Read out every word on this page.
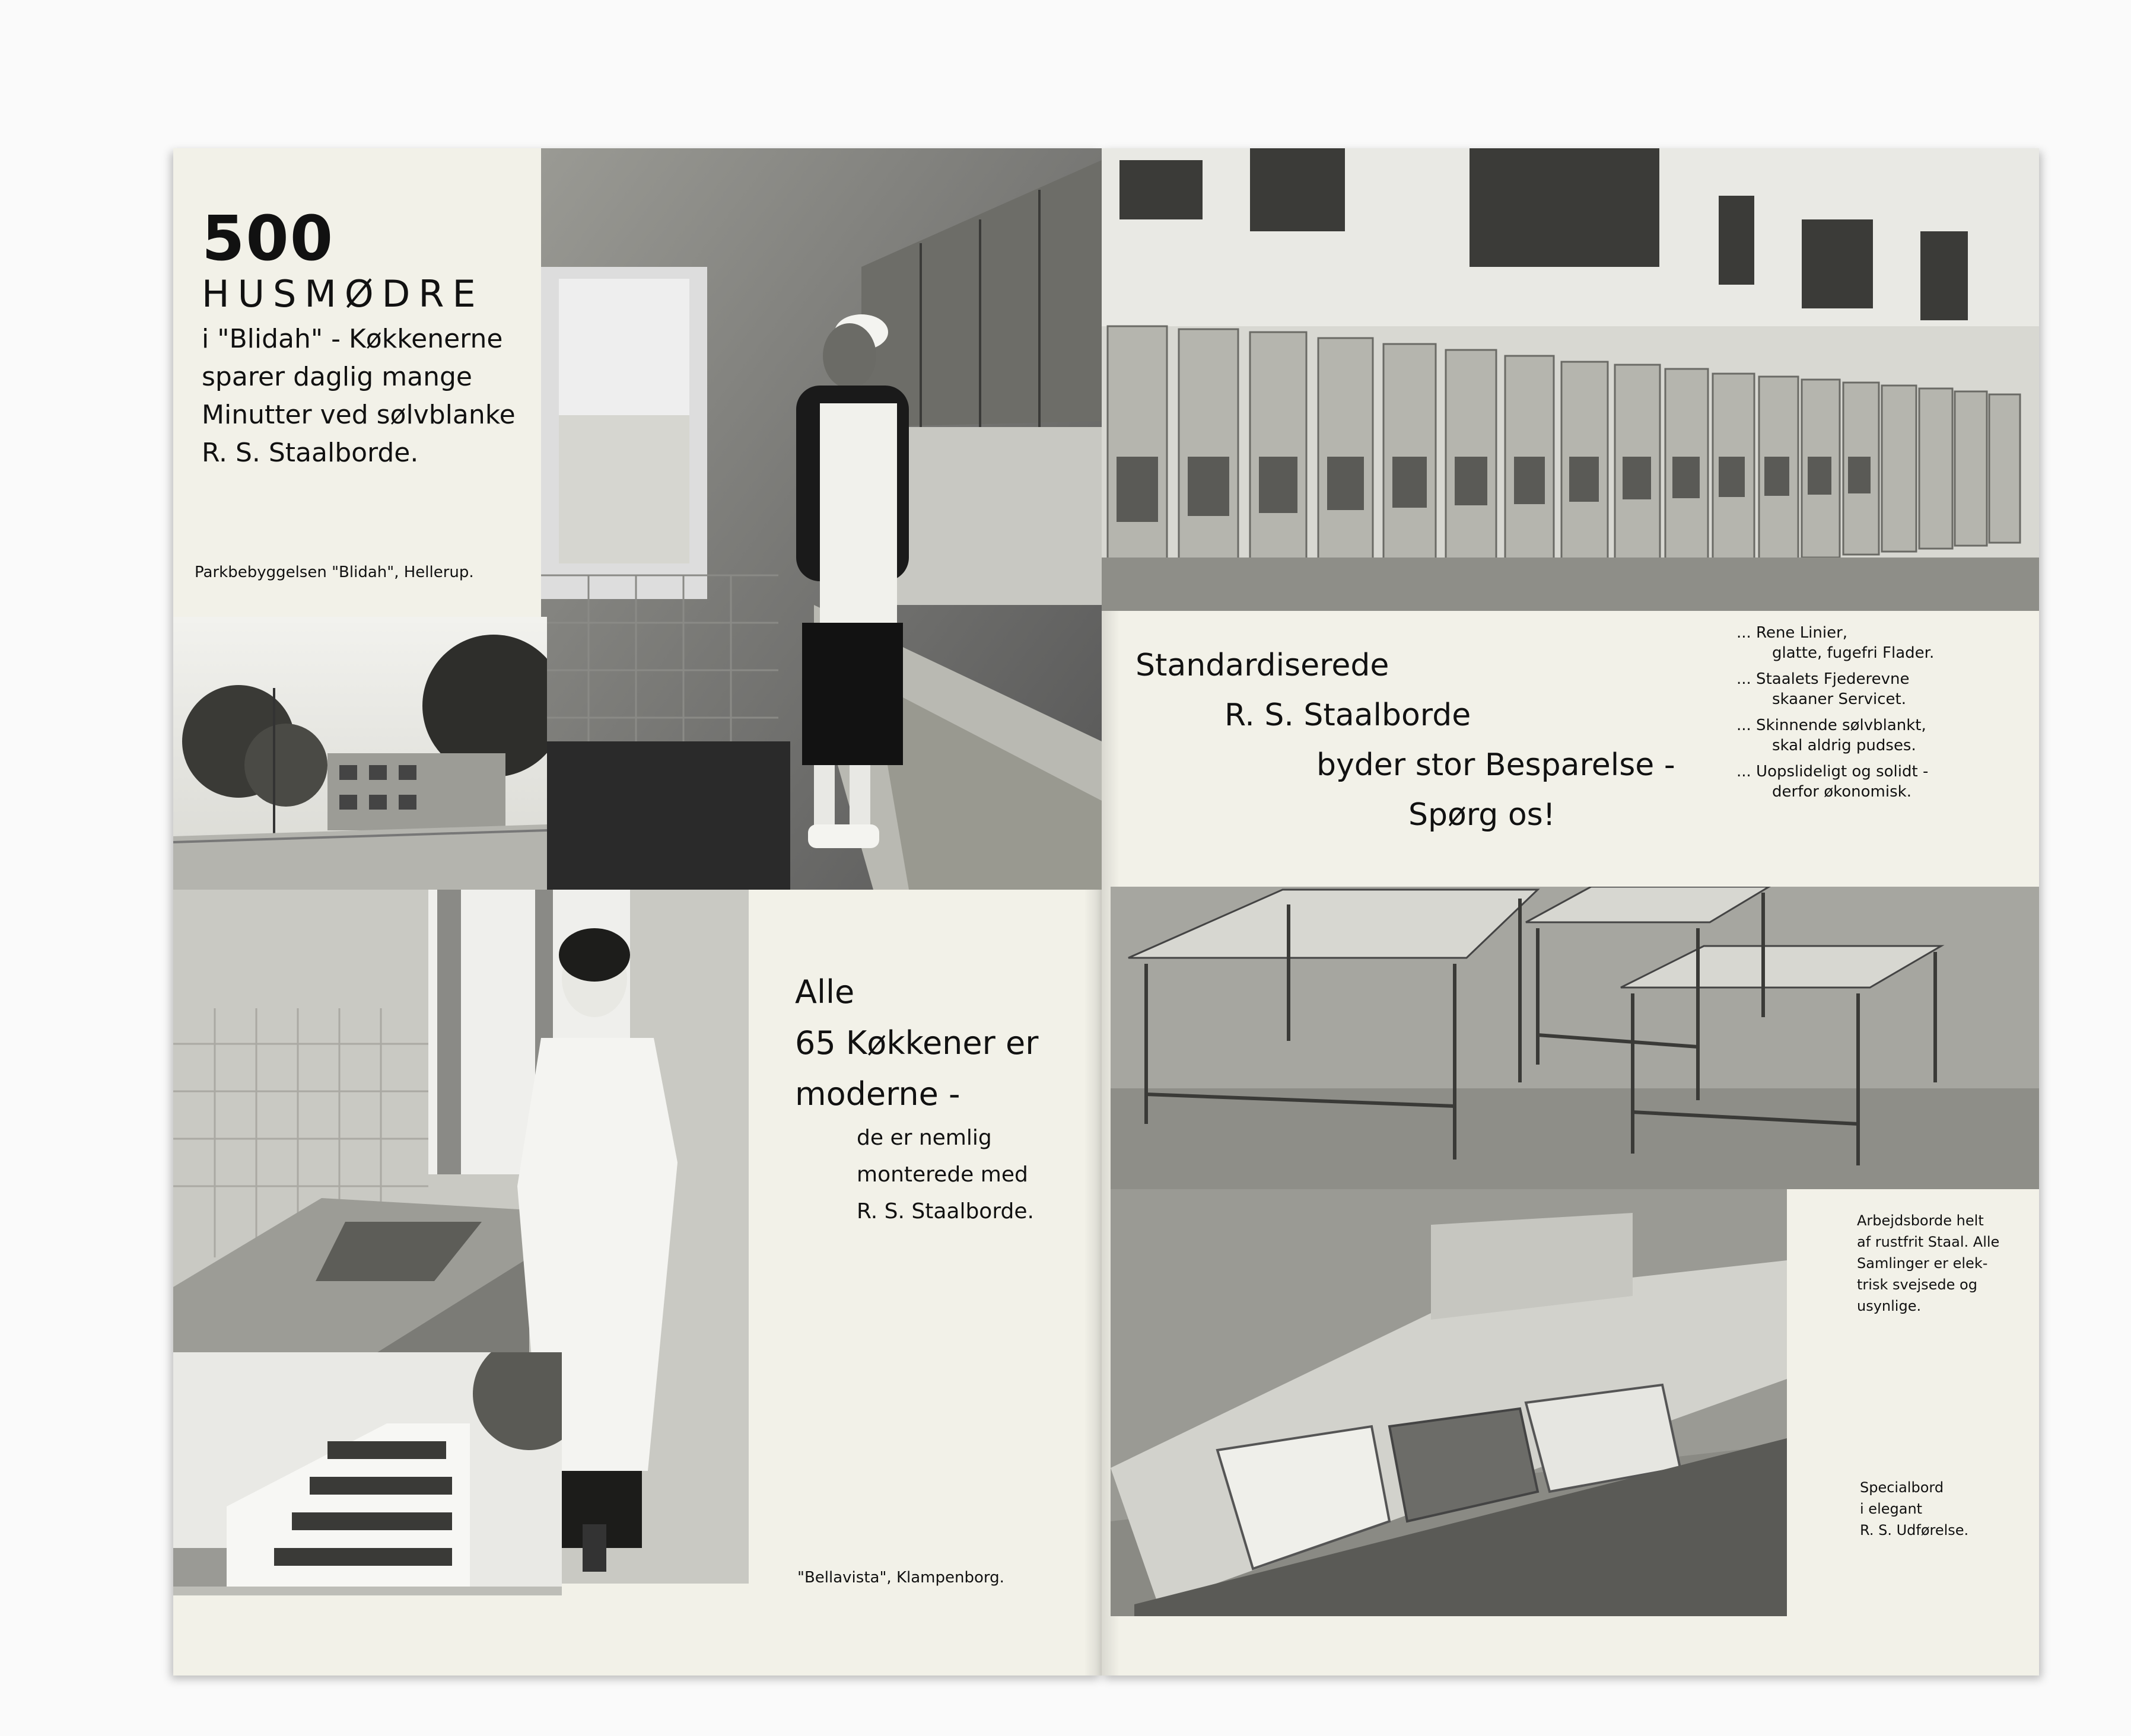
500
HUSMØDRE
i "Blidah" - Køkkenerne
sparer daglig mange
Minutter ved sølvblanke
R. S. Staalborde.
Parkbebyggelsen "Blidah", Hellerup.
Alle
65 Køkkener er
moderne -
de er nemlig
monterede med
R. S. Staalborde.
"Bellavista", Klampenborg.
Standardiserede
R. S. Staalborde
byder stor Besparelse -
Spørg os!
... Rene Linier,
glatte, fugefri Flader.
... Staalets Fjederevne
skaaner Servicet.
... Skinnende sølvblankt,
skal aldrig pudses.
... Uopslideligt og solidt -
derfor økonomisk.
Arbejdsborde helt
af rustfrit Staal. Alle
Samlinger er elek-
trisk svejsede og
usynlige.
Specialbord
i elegant
R. S. Udførelse.
